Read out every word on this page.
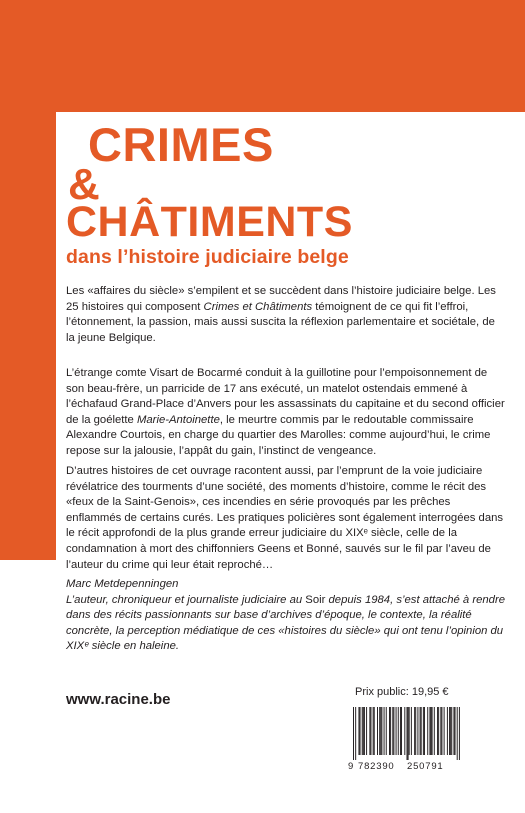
CRIMES
&
CHÂTIMENTS
dans l’histoire judiciaire belge

Les «affaires du siècle» s’empilent et se succèdent dans l’histoire judiciaire belge. Les 25 histoires qui composent Crimes et Châtiments témoignent de ce qui fit l’effroi, l’étonnement, la passion, mais aussi suscita la réflexion parlementaire et sociétale, de la jeune Belgique.

L’étrange comte Visart de Bocarmé conduit à la guillotine pour l’empoisonnement de son beau-frère, un parricide de 17 ans exécuté, un matelot ostendais emmené à l’échafaud Grand-Place d’Anvers pour les assassinats du capitaine et du second officier de la goélette Marie-Antoinette, le meurtre commis par le redoutable commissaire Alexandre Courtois, en charge du quartier des Marolles: comme aujourd’hui, le crime repose sur la jalousie, l’appât du gain, l’instinct de vengeance.

D’autres histoires de cet ouvrage racontent aussi, par l’emprunt de la voie judiciaire révélatrice des tourments d’une société, des moments d’histoire, comme le récit des «feux de la Saint-Genois», ces incendies en série provoqués par les prêches enflammés de certains curés. Les pratiques policières sont également interrogées dans le récit approfondi de la plus grande erreur judiciaire du XIXᵉ siècle, celle de la condamnation à mort des chiffonniers Geens et Bonné, sauvés sur le fil par l’aveu de l’auteur du crime qui leur était reproché…

Marc Metdepenningen
L’auteur, chroniqueur et journaliste judiciaire au Soir depuis 1984, s’est attaché à rendre dans des récits passionnants sur base d’archives d’époque, le contexte, la réalité concrète, la perception médiatique de ces «histoires du siècle» qui ont tenu l’opinion du XIXᵉ siècle en haleine.
www.racine.be	Prix public: 19,95 €
9 782390 250791
